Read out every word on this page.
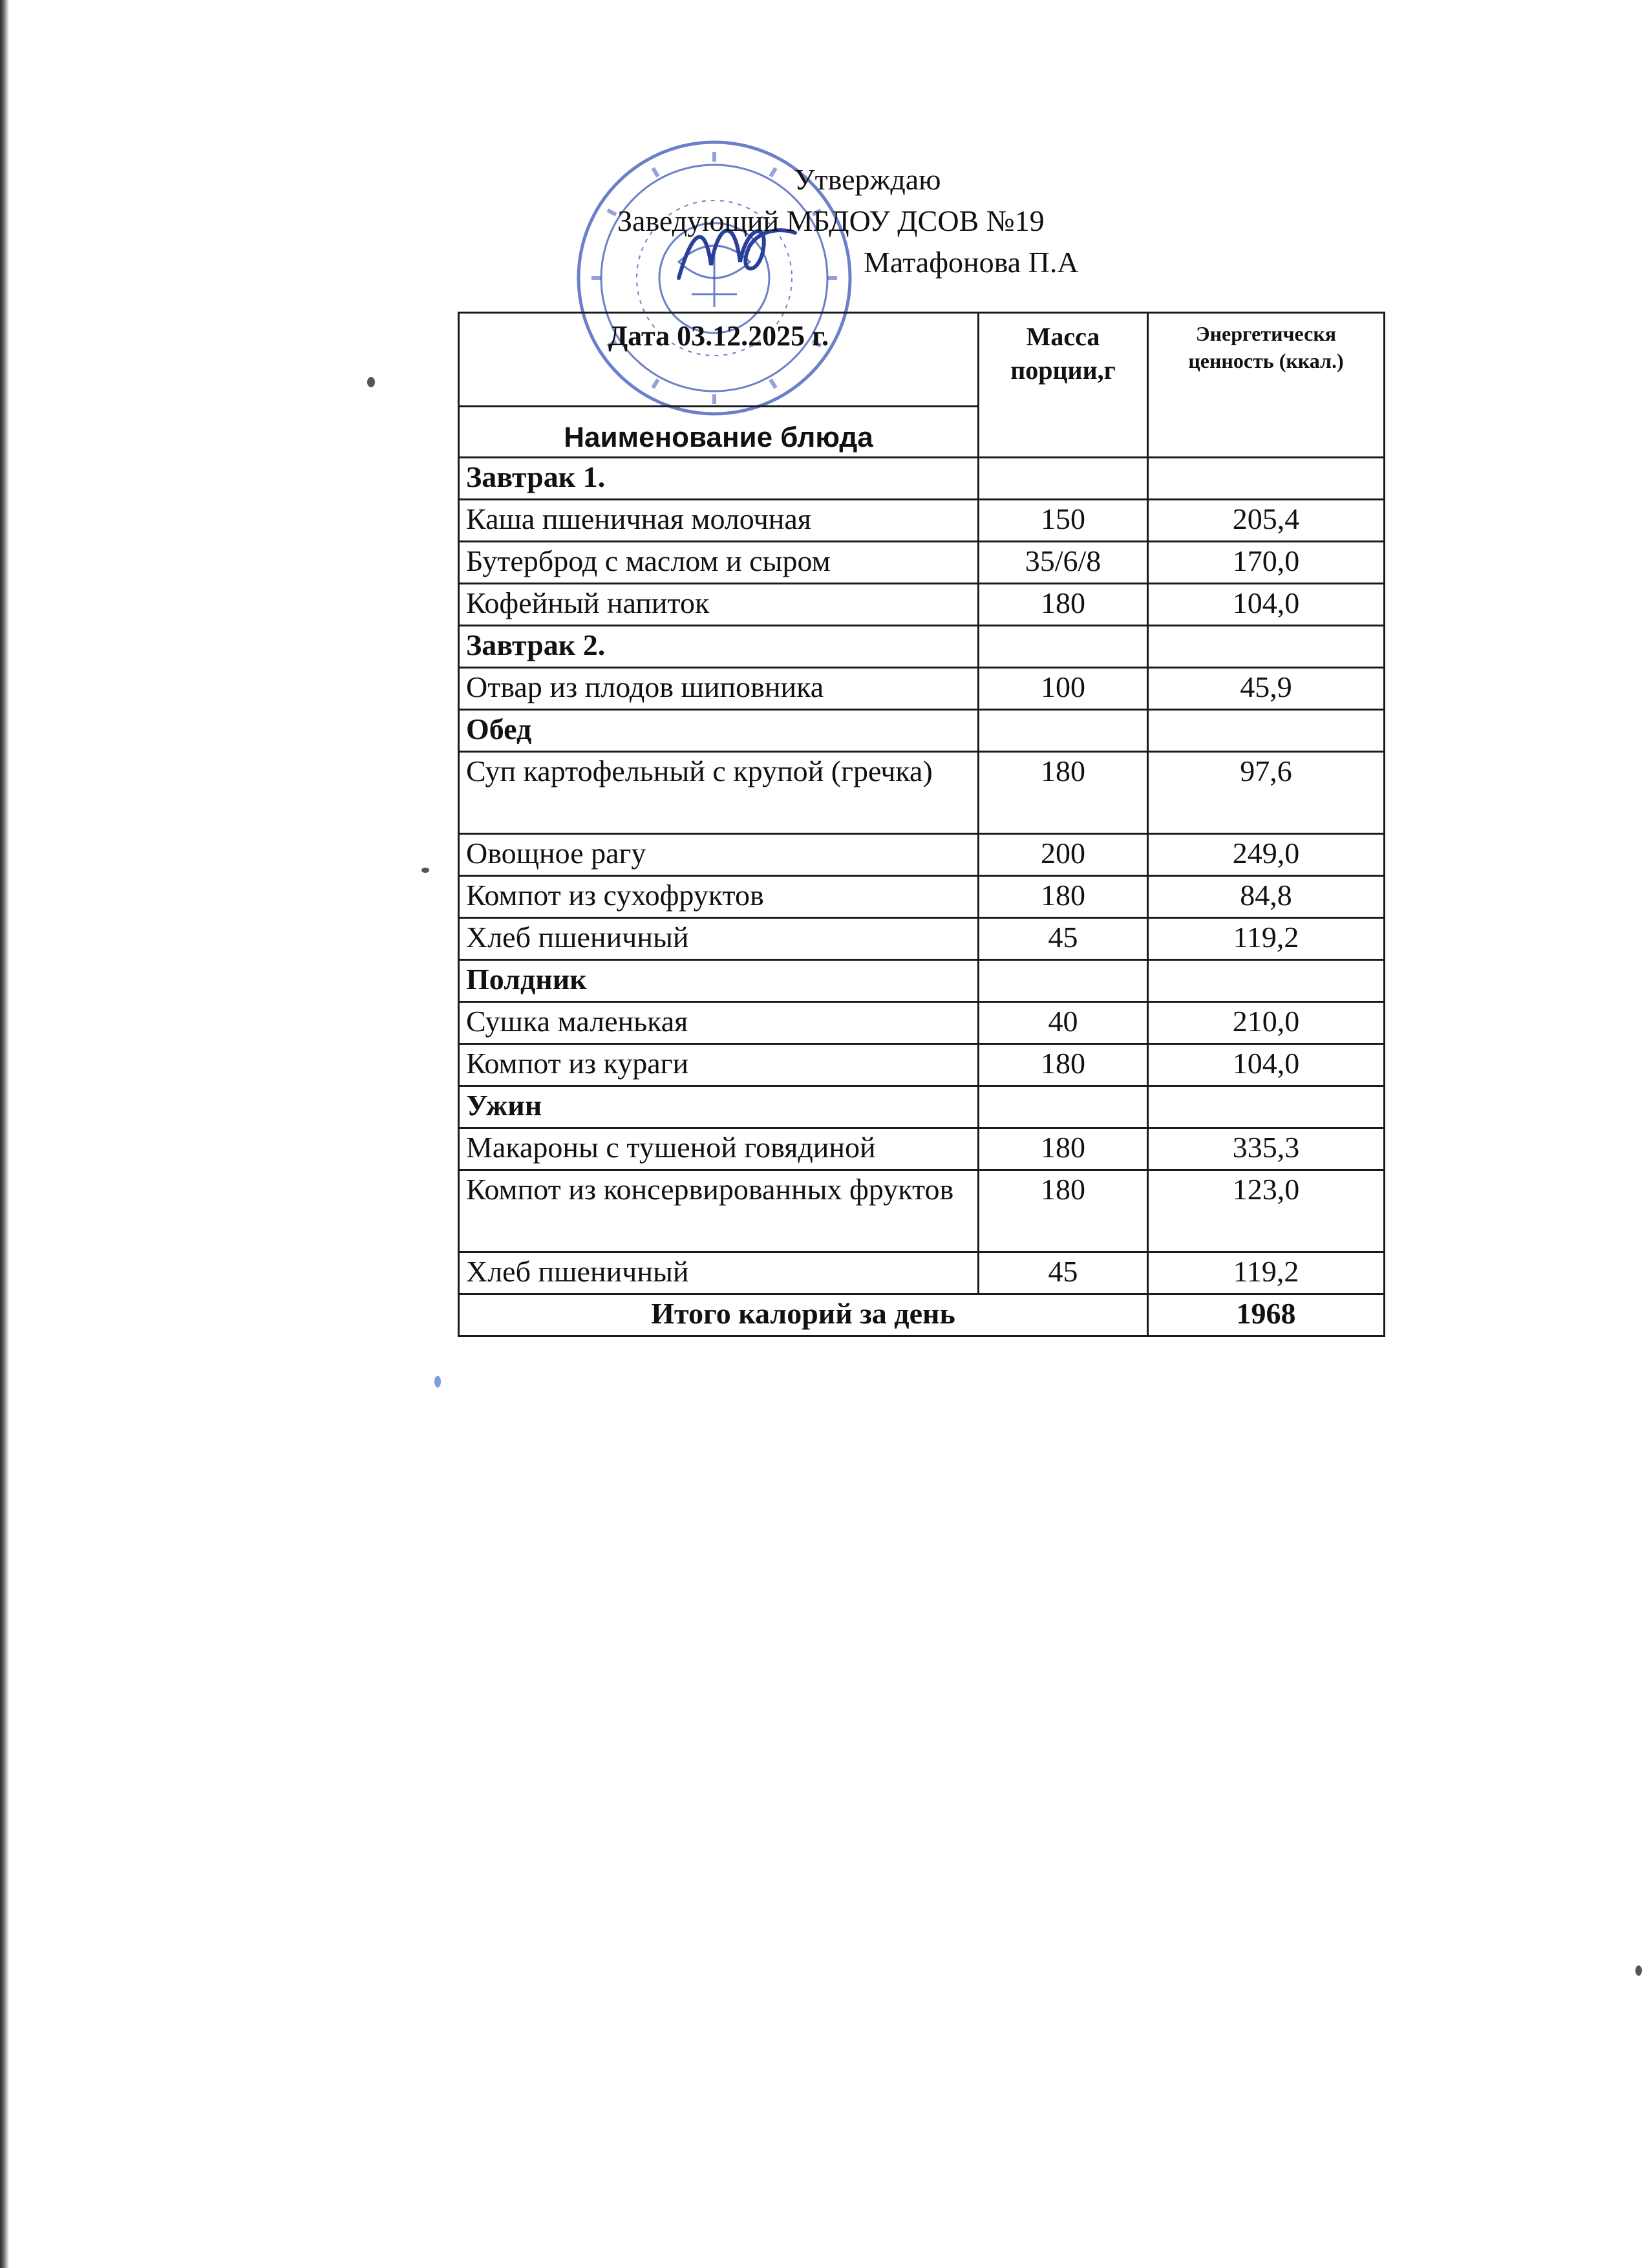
Утверждаю
Заведующий МБДОУ ДСОВ №19
Матафонова П.А
Дата 03.12.2025 г.	Масса порции,г	Энергетическя ценность (ккал.)
Наименование блюда		
Завтрак 1.		
Каша пшеничная молочная	150	205,4
Бутерброд с маслом и сыром	35/6/8	170,0
Кофейный напиток	180	104,0
Завтрак 2.		
Отвар из плодов шиповника	100	45,9
Обед		
Суп картофельный с крупой (гречка)	180	97,6
Овощное рагу	200	249,0
Компот из сухофруктов	180	84,8
Хлеб пшеничный	45	119,2
Полдник		
Сушка маленькая	40	210,0
Компот из кураги	180	104,0
Ужин		
Макароны с тушеной говядиной	180	335,3
Компот из консервированных фруктов	180	123,0
Хлеб пшеничный	45	119,2
Итого калорий за день		1968
